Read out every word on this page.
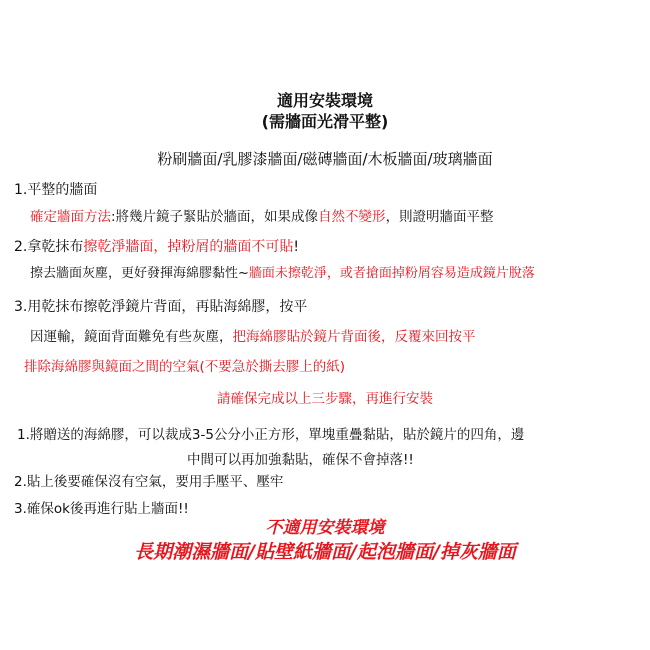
適用安裝環境
(需牆面光滑平整)
粉刷牆面/乳膠漆牆面/磁磚牆面/木板牆面/玻璃牆面
1.平整的牆面
確定牆面方法:將幾片鏡子緊貼於牆面，如果成像自然不變形，則證明牆面平整
2.拿乾抹布擦乾淨牆面，掉粉屑的牆面不可貼!
擦去牆面灰塵，更好發揮海綿膠黏性~牆面未擦乾淨，或者搶面掉粉屑容易造成鏡片脫落
3.用乾抹布擦乾淨鏡片背面，再貼海綿膠，按平
因運輸，鏡面背面難免有些灰塵，把海綿膠貼於鏡片背面後，反覆來回按平
排除海綿膠與鏡面之間的空氣(不要急於撕去膠上的紙)
請確保完成以上三步驟，再進行安裝
1.將贈送的海綿膠，可以裁成3-5公分小正方形，單塊重疊黏貼，貼於鏡片的四角，邊
中間可以再加強黏貼，確保不會掉落!!
2.貼上後要確保沒有空氣，要用手壓平、壓牢
3.確保ok後再進行貼上牆面!!
不適用安裝環境
長期潮濕牆面/貼壁紙牆面/起泡牆面/掉灰牆面
